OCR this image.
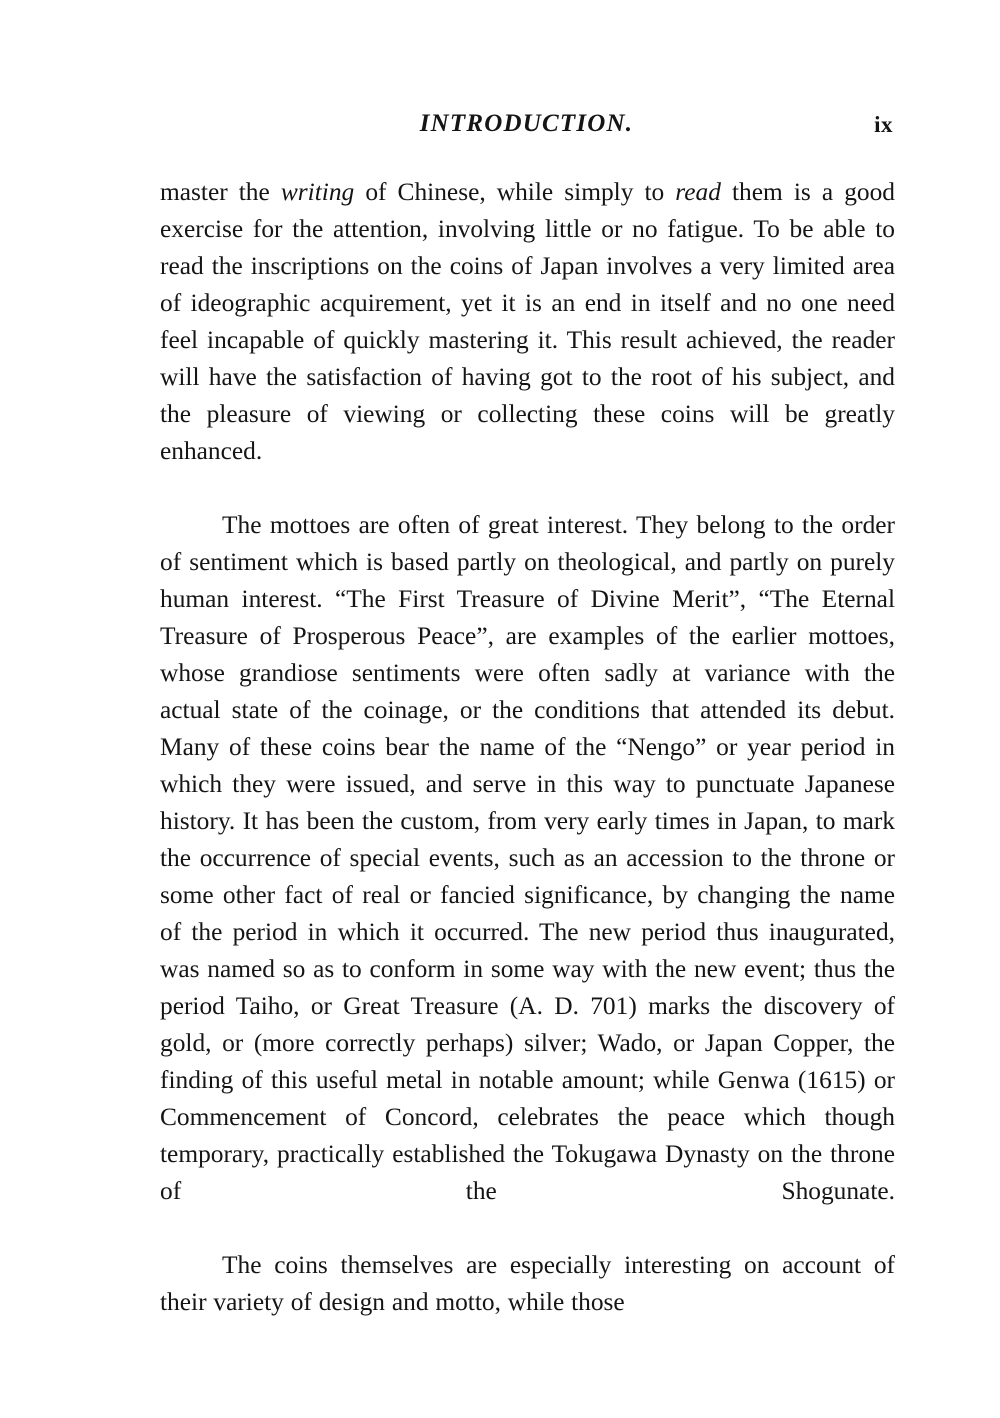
INTRODUCTION.	ix

master the writing of Chinese, while simply to read them is a good exercise for the attention, involving little or no fatigue. To be able to read the inscriptions on the coins of Japan involves a very limited area of ideographic acquirement, yet it is an end in itself and no one need feel incapable of quickly mastering it. This result achieved, the reader will have the satisfaction of having got to the root of his subject, and the pleasure of viewing or collecting these coins will be greatly enhanced.

The mottoes are often of great interest. They belong to the order of sentiment which is based partly on theological, and partly on purely human interest. “The First Treasure of Divine Merit”, “The Eternal Treasure of Prosperous Peace”, are examples of the earlier mottoes, whose grandiose sentiments were often sadly at variance with the actual state of the coinage, or the conditions that attended its debut. Many of these coins bear the name of the “Nengo” or year period in which they were issued, and serve in this way to punctuate Japanese history. It has been the custom, from very early times in Japan, to mark the occurrence of special events, such as an accession to the throne or some other fact of real or fancied significance, by changing the name of the period in which it occurred. The new period thus inaugurated, was named so as to conform in some way with the new event; thus the period Taiho, or Great Treasure (A. D. 701) marks the discovery of gold, or (more correctly perhaps) silver; Wado, or Japan Copper, the finding of this useful metal in notable amount; while Genwa (1615) or Commencement of Concord, celebrates the peace which though temporary, practically established the Tokugawa Dynasty on the throne of the Shogunate.

The coins themselves are especially interesting on account of their variety of design and motto, while those
